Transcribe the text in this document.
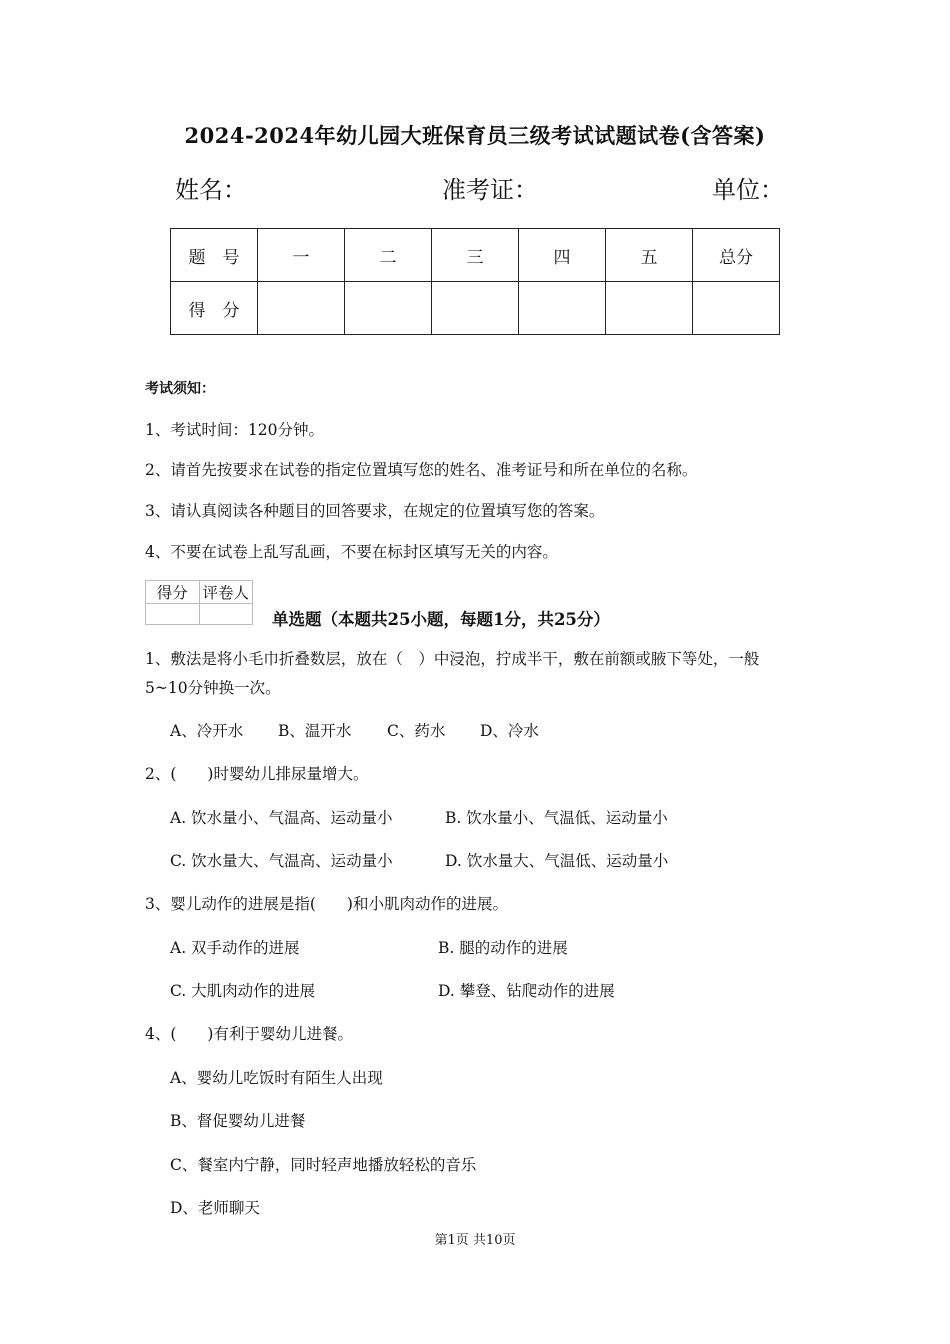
2024-2024年幼儿园大班保育员三级考试试题试卷(含答案)
姓名：	准考证：	单位：
题　号	一	二	三	四	五	总分
得　分						
考试须知：
1、考试时间：120分钟。
2、请首先按要求在试卷的指定位置填写您的姓名、准考证号和所在单位的名称。
3、请认真阅读各种题目的回答要求，在规定的位置填写您的答案。
4、不要在试卷上乱写乱画，不要在标封区填写无关的内容。
得分	评卷人

单选题（本题共25小题，每题1分，共25分）
1、敷法是将小毛巾折叠数层，放在（　）中浸泡，拧成半干，敷在前额或腋下等处，一般
5~10分钟换一次。
A、冷开水 B、温开水 C、药水 D、冷水
2、(　　)时婴幼儿排尿量增大。
A. 饮水量小、气温高、运动量小	B. 饮水量小、气温低、运动量小
C. 饮水量大、气温高、运动量小	D. 饮水量大、气温低、运动量小
3、婴儿动作的进展是指(　　)和小肌肉动作的进展。
A. 双手动作的进展	B. 腿的动作的进展
C. 大肌肉动作的进展	D. 攀登、钻爬动作的进展
4、(　　)有利于婴幼儿进餐。
A、婴幼儿吃饭时有陌生人出现
B、督促婴幼儿进餐
C、餐室内宁静，同时轻声地播放轻松的音乐
D、老师聊天
第1页 共10页
